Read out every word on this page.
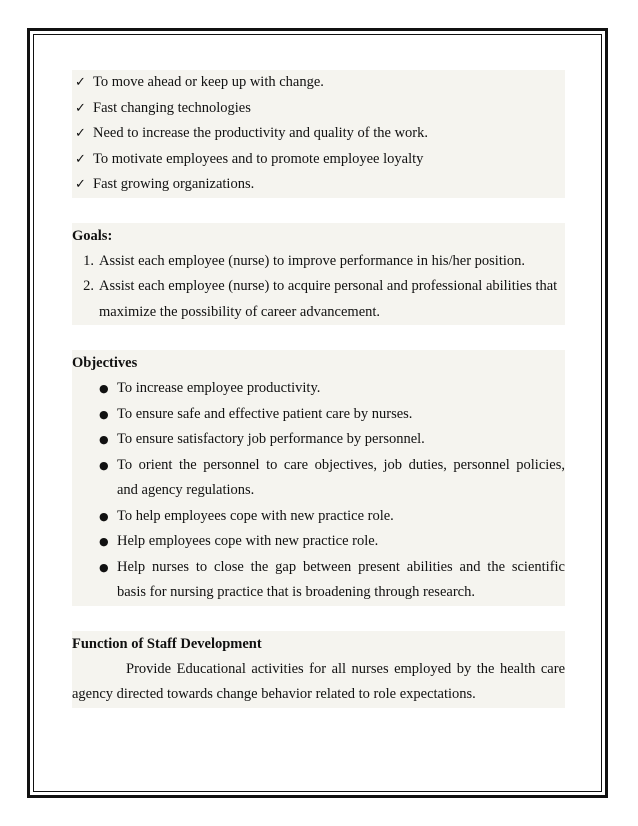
✓ To move ahead or keep up with change.
✓ Fast changing technologies
✓ Need to increase the productivity and quality of the work.
✓ To motivate employees and to promote employee loyalty
✓ Fast growing organizations.
Goals:
1. Assist each employee (nurse) to improve performance in his/her position.
2. Assist each employee (nurse) to acquire personal and professional abilities that
maximize the possibility of career advancement.
Objectives
● To increase employee productivity.
● To ensure safe and effective patient care by nurses.
● To ensure satisfactory job performance by personnel.
● To orient the personnel to care objectives, job duties, personnel policies,
and agency regulations.
● To help employees cope with new practice role.
● Help employees cope with new practice role.
● Help nurses to close the gap between present abilities and the scientific
basis for nursing practice that is broadening through research.
Function of Staff Development
Provide Educational activities for all nurses employed by the health care
agency directed towards change behavior related to role expectations.
